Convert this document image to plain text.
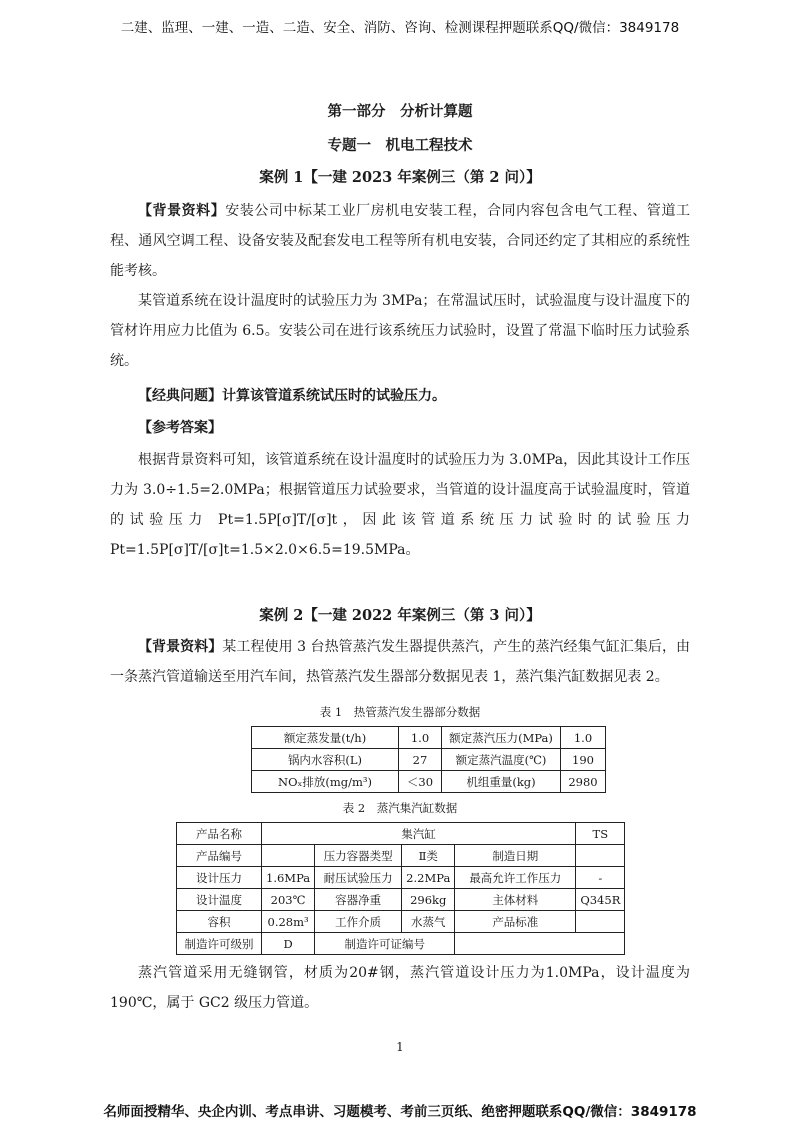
二建、监理、一建、一造、二造、安全、消防、咨询、检测课程押题联系QQ/微信：3849178
第一部分　分析计算题
专题一　机电工程技术
案例 1【一建 2023 年案例三（第 2 问）】
【背景资料】安装公司中标某工业厂房机电安装工程，合同内容包含电气工程、管道工程、通风空调工程、设备安装及配套发电工程等所有机电安装，合同还约定了其相应的系统性能考核。
某管道系统在设计温度时的试验压力为 3MPa；在常温试压时，试验温度与设计温度下的管材许用应力比值为 6.5。安装公司在进行该系统压力试验时，设置了常温下临时压力试验系统。
【经典问题】计算该管道系统试压时的试验压力。
【参考答案】
根据背景资料可知，该管道系统在设计温度时的试验压力为 3.0MPa，因此其设计工作压力为 3.0÷1.5=2.0MPa；根据管道压力试验要求，当管道的设计温度高于试验温度时，管道的试验压力 Pt=1.5P[σ]T/[σ]t，因此该管道系统压力试验时的试验压力Pt=1.5P[σ]T/[σ]t=1.5×2.0×6.5=19.5MPa。
案例 2【一建 2022 年案例三（第 3 问）】
【背景资料】某工程使用 3 台热管蒸汽发生器提供蒸汽，产生的蒸汽经集气缸汇集后，由一条蒸汽管道输送至用汽车间，热管蒸汽发生器部分数据见表 1，蒸汽集汽缸数据见表 2。
表 1　热管蒸汽发生器部分数据
额定蒸发量(t/h)	1.0	额定蒸汽压力(MPa)	1.0
锅内水容积(L)	27	额定蒸汽温度(℃)	190
NOₓ排放(mg/m³)	＜30	机组重量(kg)	2980
表 2　蒸汽集汽缸数据
产品名称	集汽缸				TS
产品编号		压力容器类型	Ⅱ类	制造日期	
设计压力	1.6MPa	耐压试验压力	2.2MPa	最高允许工作压力	-
设计温度	203℃	容器净重	296kg	主体材料	Q345R
容积	0.28m³	工作介质	水蒸气	产品标准	
制造许可级别	D	制造许可证编号			
蒸汽管道采用无缝钢管，材质为20#钢，蒸汽管道设计压力为1.0MPa，设计温度为190℃，属于 GC2 级压力管道。
1
名师面授精华、央企内训、考点串讲、习题模考、考前三页纸、绝密押题联系QQ/微信：3849178
